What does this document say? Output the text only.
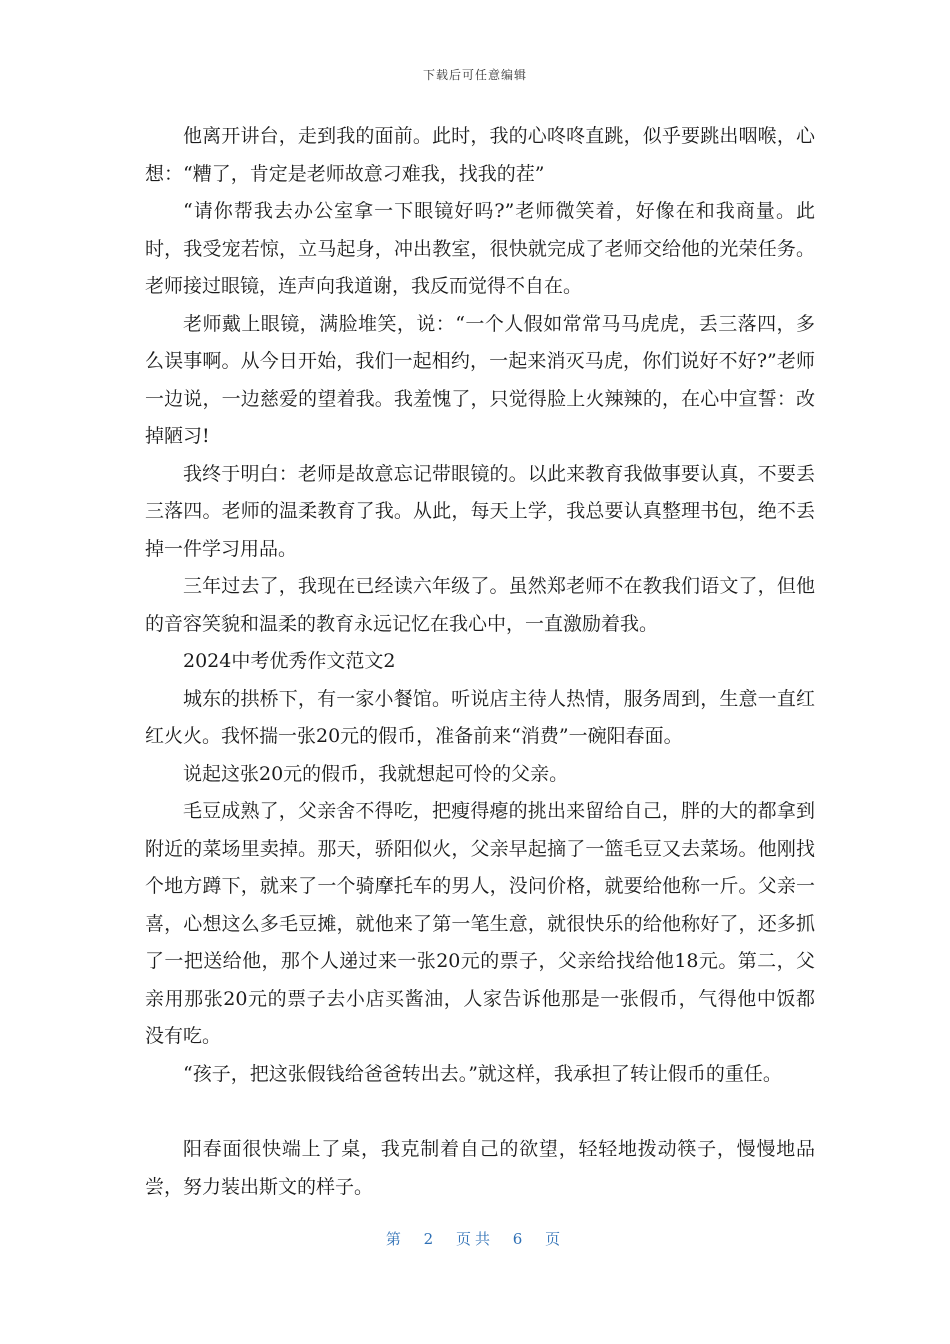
下载后可任意编辑

他离开讲台，走到我的面前。此时，我的心咚咚直跳，似乎要跳出咽喉，心想：“糟了，肯定是老师故意刁难我，找我的茬”

“请你帮我去办公室拿一下眼镜好吗?”老师微笑着，好像在和我商量。此时，我受宠若惊，立马起身，冲出教室，很快就完成了老师交给他的光荣任务。老师接过眼镜，连声向我道谢，我反而觉得不自在。

老师戴上眼镜，满脸堆笑，说：“一个人假如常常马马虎虎，丢三落四，多么误事啊。从今日开始，我们一起相约，一起来消灭马虎，你们说好不好?”老师一边说，一边慈爱的望着我。我羞愧了，只觉得脸上火辣辣的，在心中宣誓：改掉陋习!

我终于明白：老师是故意忘记带眼镜的。以此来教育我做事要认真，不要丢三落四。老师的温柔教育了我。从此，每天上学，我总要认真整理书包，绝不丢掉一件学习用品。

三年过去了，我现在已经读六年级了。虽然郑老师不在教我们语文了，但他的音容笑貌和温柔的教育永远记忆在我心中，一直激励着我。

2024中考优秀作文范文2

城东的拱桥下，有一家小餐馆。听说店主待人热情，服务周到，生意一直红红火火。我怀揣一张20元的假币，准备前来“消费”一碗阳春面。

说起这张20元的假币，我就想起可怜的父亲。

毛豆成熟了，父亲舍不得吃，把瘦得瘪的挑出来留给自己，胖的大的都拿到附近的菜场里卖掉。那天，骄阳似火，父亲早起摘了一篮毛豆又去菜场。他刚找个地方蹲下，就来了一个骑摩托车的男人，没问价格，就要给他称一斤。父亲一喜，心想这么多毛豆摊，就他来了第一笔生意，就很快乐的给他称好了，还多抓了一把送给他，那个人递过来一张20元的票子，父亲给找给他18元。第二，父亲用那张20元的票子去小店买酱油，人家告诉他那是一张假币，气得他中饭都没有吃。

“孩子，把这张假钱给爸爸转出去。”就这样，我承担了转让假币的重任。

阳春面很快端上了桌，我克制着自己的欲望，轻轻地拨动筷子，慢慢地品尝，努力装出斯文的样子。

第 2 页共 6 页
